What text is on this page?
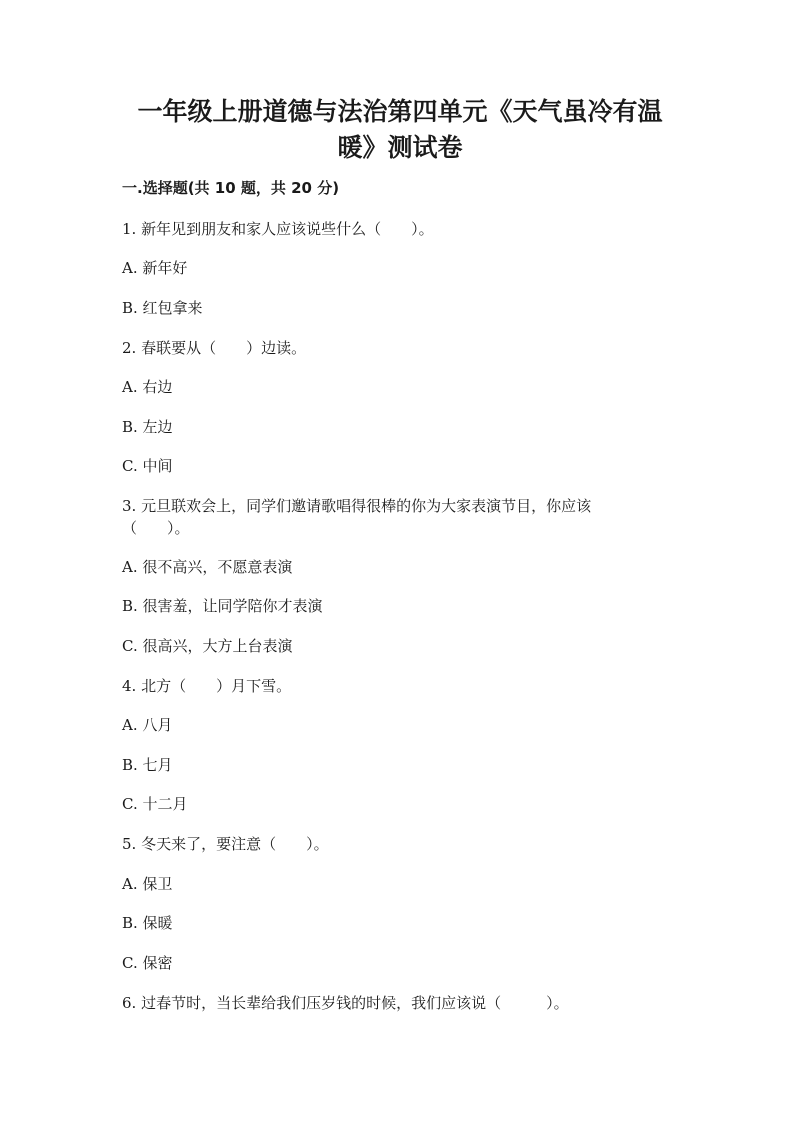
一年级上册道德与法治第四单元《天气虽冷有温
暖》测试卷
一.选择题(共 10 题，共 20 分)
1. 新年见到朋友和家人应该说些什么（　　）。
A. 新年好
B. 红包拿来
2. 春联要从（　　）边读。
A. 右边
B. 左边
C. 中间
3. 元旦联欢会上，同学们邀请歌唱得很棒的你为大家表演节目，你应该
（　　）。
A. 很不高兴，不愿意表演
B. 很害羞，让同学陪你才表演
C. 很高兴，大方上台表演
4. 北方（　　）月下雪。
A. 八月
B. 七月
C. 十二月
5. 冬天来了，要注意（　　）。
A. 保卫
B. 保暖
C. 保密
6. 过春节时，当长辈给我们压岁钱的时候，我们应该说（　　　）。
